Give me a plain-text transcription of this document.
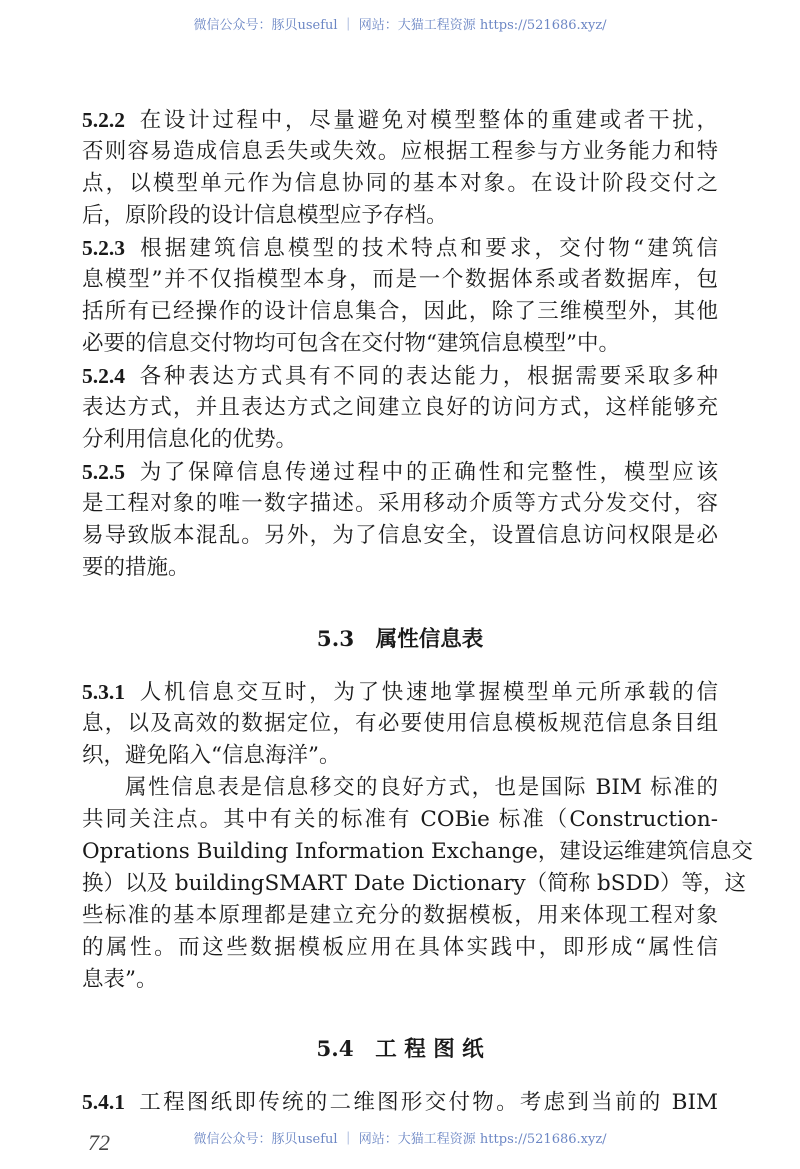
微信公众号：豚贝useful ｜ 网站：大猫工程资源 https://521686.xyz/
5.2.2 在设计过程中，尽量避免对模型整体的重建或者干扰，
否则容易造成信息丢失或失效。应根据工程参与方业务能力和特
点，以模型单元作为信息协同的基本对象。在设计阶段交付之
后，原阶段的设计信息模型应予存档。
5.2.3 根据建筑信息模型的技术特点和要求，交付物“建筑信
息模型”并不仅指模型本身，而是一个数据体系或者数据库，包
括所有已经操作的设计信息集合，因此，除了三维模型外，其他
必要的信息交付物均可包含在交付物“建筑信息模型”中。
5.2.4 各种表达方式具有不同的表达能力，根据需要采取多种
表达方式，并且表达方式之间建立良好的访问方式，这样能够充
分利用信息化的优势。
5.2.5 为了保障信息传递过程中的正确性和完整性，模型应该
是工程对象的唯一数字描述。采用移动介质等方式分发交付，容
易导致版本混乱。另外，为了信息安全，设置信息访问权限是必
要的措施。
5.3　属性信息表
5.3.1 人机信息交互时，为了快速地掌握模型单元所承载的信
息，以及高效的数据定位，有必要使用信息模板规范信息条目组
织，避免陷入“信息海洋”。
属性信息表是信息移交的良好方式，也是国际 BIM 标准的
共同关注点。其中有关的标准有 COBie 标准（Construction-
Oprations Building Information Exchange，建设运维建筑信息交
换）以及 buildingSMART Date Dictionary（简称 bSDD）等，这
些标准的基本原理都是建立充分的数据模板，用来体现工程对象
的属性。而这些数据模板应用在具体实践中，即形成“属性信
息表”。
5.4　工 程 图 纸
5.4.1 工程图纸即传统的二维图形交付物。考虑到当前的 BIM
72	微信公众号：豚贝useful ｜ 网站：大猫工程资源 https://521686.xyz/
